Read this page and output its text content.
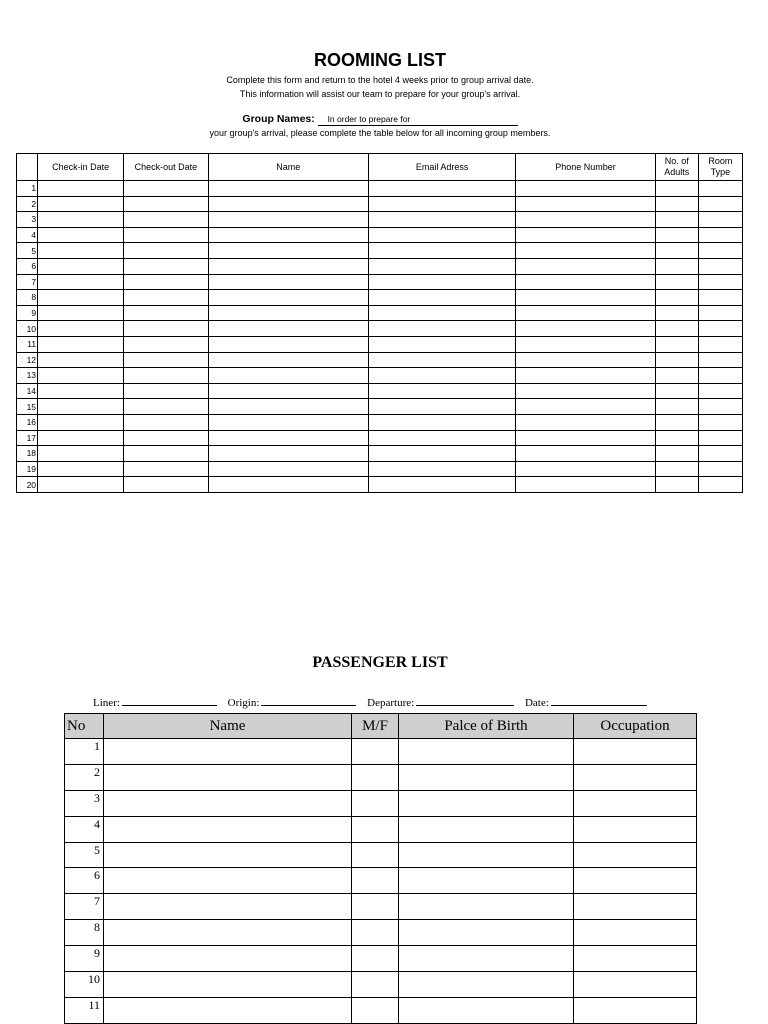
ROOMING LIST
Complete this form and return to the hotel 4 weeks prior to group arrival date.
This information will assist our team to prepare for your group's arrival.
Group Names: In order to prepare for
your group's arrival, please complete the table below for all incoming group members.
	Check-in Date	Check-out Date	Name	Email Adress	Phone Number	No. of Adults	Room Type
1							
2							
3							
4							
5							
6							
7							
8							
9							
10							
11							
12							
13							
14							
15							
16							
17							
18							
19							
20							
PASSENGER LIST
Liner:	Origin:	Departure:	Date:
No	Name	M/F	Palce of Birth	Occupation
1				
2				
3				
4				
5				
6				
7				
8				
9				
10				
11				
